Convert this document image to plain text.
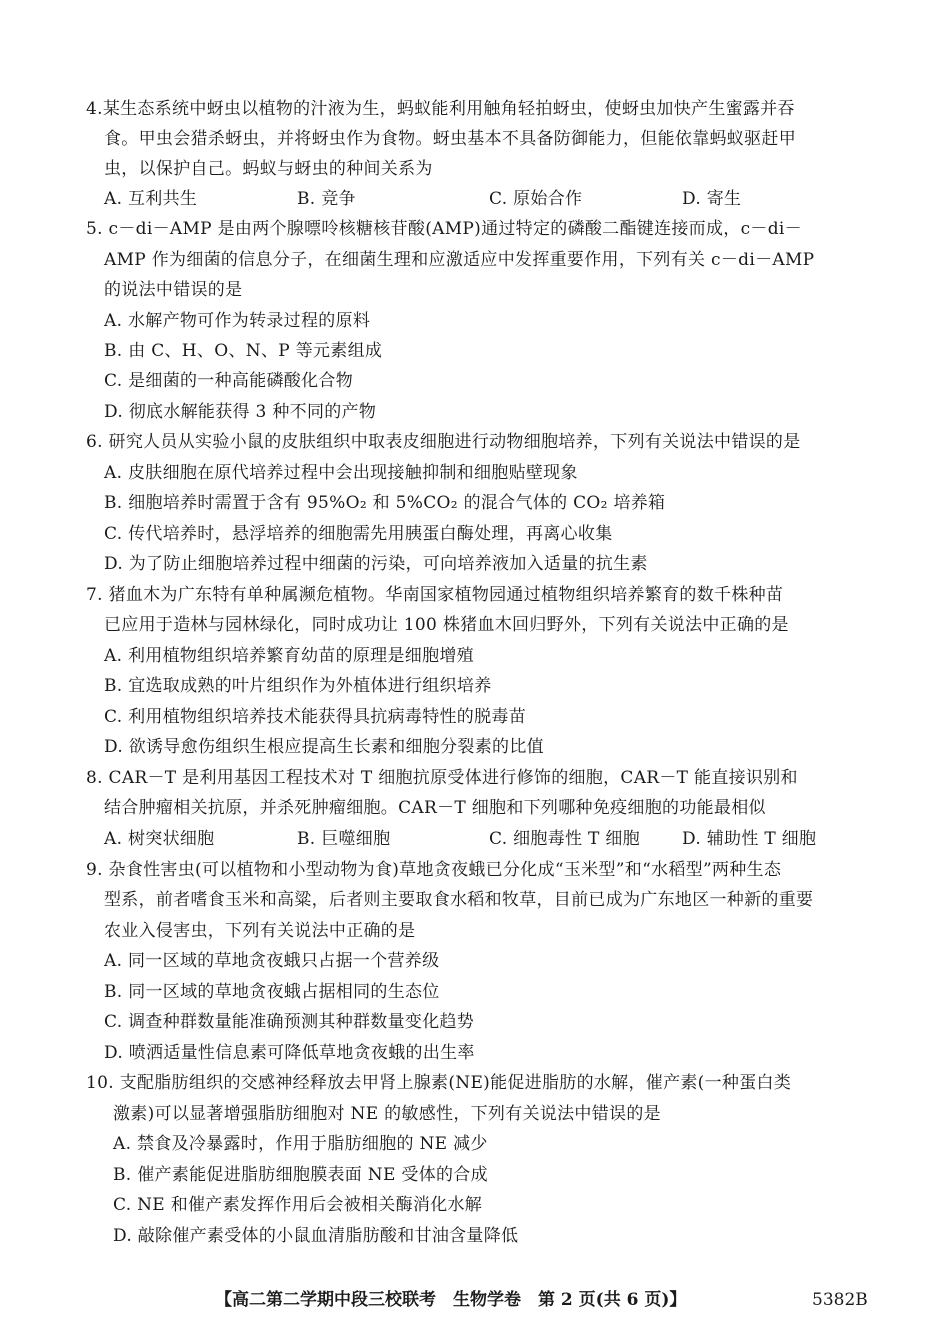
4.某生态系统中蚜虫以植物的汁液为生，蚂蚁能利用触角轻拍蚜虫，使蚜虫加快产生蜜露并吞
食。甲虫会猎杀蚜虫，并将蚜虫作为食物。蚜虫基本不具备防御能力，但能依靠蚂蚁驱赶甲
虫，以保护自己。蚂蚁与蚜虫的种间关系为
A. 互利共生	B. 竞争	C. 原始合作	D. 寄生
5. c－di－AMP 是由两个腺嘌呤核糖核苷酸(AMP)通过特定的磷酸二酯键连接而成，c－di－
AMP 作为细菌的信息分子，在细菌生理和应激适应中发挥重要作用，下列有关 c－di－AMP
的说法中错误的是
A. 水解产物可作为转录过程的原料
B. 由 C、H、O、N、P 等元素组成
C. 是细菌的一种高能磷酸化合物
D. 彻底水解能获得 3 种不同的产物
6. 研究人员从实验小鼠的皮肤组织中取表皮细胞进行动物细胞培养，下列有关说法中错误的是
A. 皮肤细胞在原代培养过程中会出现接触抑制和细胞贴壁现象
B. 细胞培养时需置于含有 95%O₂ 和 5%CO₂ 的混合气体的 CO₂ 培养箱
C. 传代培养时，悬浮培养的细胞需先用胰蛋白酶处理，再离心收集
D. 为了防止细胞培养过程中细菌的污染，可向培养液加入适量的抗生素
7. 猪血木为广东特有单种属濒危植物。华南国家植物园通过植物组织培养繁育的数千株种苗
已应用于造林与园林绿化，同时成功让 100 株猪血木回归野外，下列有关说法中正确的是
A. 利用植物组织培养繁育幼苗的原理是细胞增殖
B. 宜选取成熟的叶片组织作为外植体进行组织培养
C. 利用植物组织培养技术能获得具抗病毒特性的脱毒苗
D. 欲诱导愈伤组织生根应提高生长素和细胞分裂素的比值
8. CAR－T 是利用基因工程技术对 T 细胞抗原受体进行修饰的细胞，CAR－T 能直接识别和
结合肿瘤相关抗原，并杀死肿瘤细胞。CAR－T 细胞和下列哪种免疫细胞的功能最相似
A. 树突状细胞	B. 巨噬细胞	C. 细胞毒性 T 细胞 D. 辅助性 T 细胞
9. 杂食性害虫(可以植物和小型动物为食)草地贪夜蛾已分化成“玉米型”和“水稻型”两种生态
型系，前者嗜食玉米和高粱，后者则主要取食水稻和牧草，目前已成为广东地区一种新的重要
农业入侵害虫，下列有关说法中正确的是
A. 同一区域的草地贪夜蛾只占据一个营养级
B. 同一区域的草地贪夜蛾占据相同的生态位
C. 调查种群数量能准确预测其种群数量变化趋势
D. 喷洒适量性信息素可降低草地贪夜蛾的出生率
10. 支配脂肪组织的交感神经释放去甲肾上腺素(NE)能促进脂肪的水解，催产素(一种蛋白类
激素)可以显著增强脂肪细胞对 NE 的敏感性，下列有关说法中错误的是
A. 禁食及冷暴露时，作用于脂肪细胞的 NE 减少
B. 催产素能促进脂肪细胞膜表面 NE 受体的合成
C. NE 和催产素发挥作用后会被相关酶消化水解
D. 敲除催产素受体的小鼠血清脂肪酸和甘油含量降低
【高二第二学期中段三校联考　生物学卷　第 2 页(共 6 页)】	5382B
